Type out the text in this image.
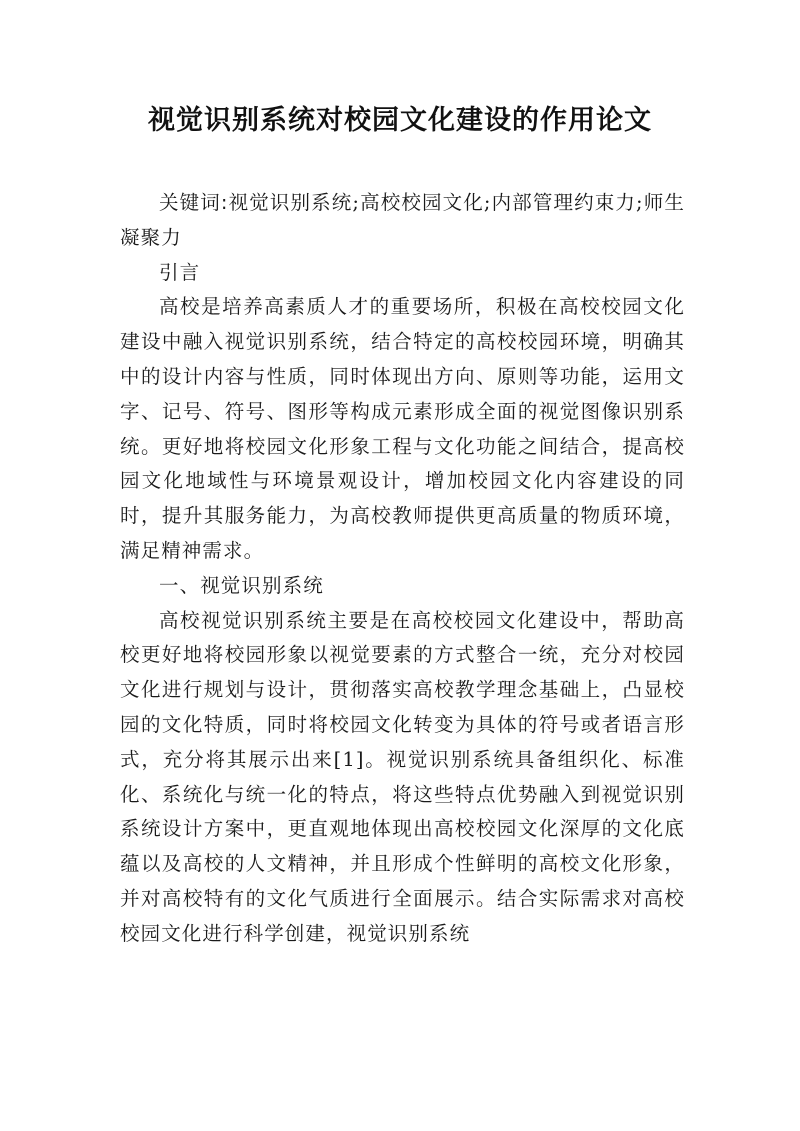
视觉识别系统对校园文化建设的作用论文

关键词:视觉识别系统;高校校园文化;内部管理约束力;师生凝聚力

引言

高校是培养高素质人才的重要场所，积极在高校校园文化建设中融入视觉识别系统，结合特定的高校校园环境，明确其中的设计内容与性质，同时体现出方向、原则等功能，运用文字、记号、符号、图形等构成元素形成全面的视觉图像识别系统。更好地将校园文化形象工程与文化功能之间结合，提高校园文化地域性与环境景观设计，增加校园文化内容建设的同时，提升其服务能力，为高校教师提供更高质量的物质环境，满足精神需求。

一、视觉识别系统

高校视觉识别系统主要是在高校校园文化建设中，帮助高校更好地将校园形象以视觉要素的方式整合一统，充分对校园文化进行规划与设计，贯彻落实高校教学理念基础上，凸显校园的文化特质，同时将校园文化转变为具体的符号或者语言形式，充分将其展示出来[1]。视觉识别系统具备组织化、标准化、系统化与统一化的特点，将这些特点优势融入到视觉识别系统设计方案中，更直观地体现出高校校园文化深厚的文化底蕴以及高校的人文精神，并且形成个性鲜明的高校文化形象，并对高校特有的文化气质进行全面展示。结合实际需求对高校校园文化进行科学创建，视觉识别系统
